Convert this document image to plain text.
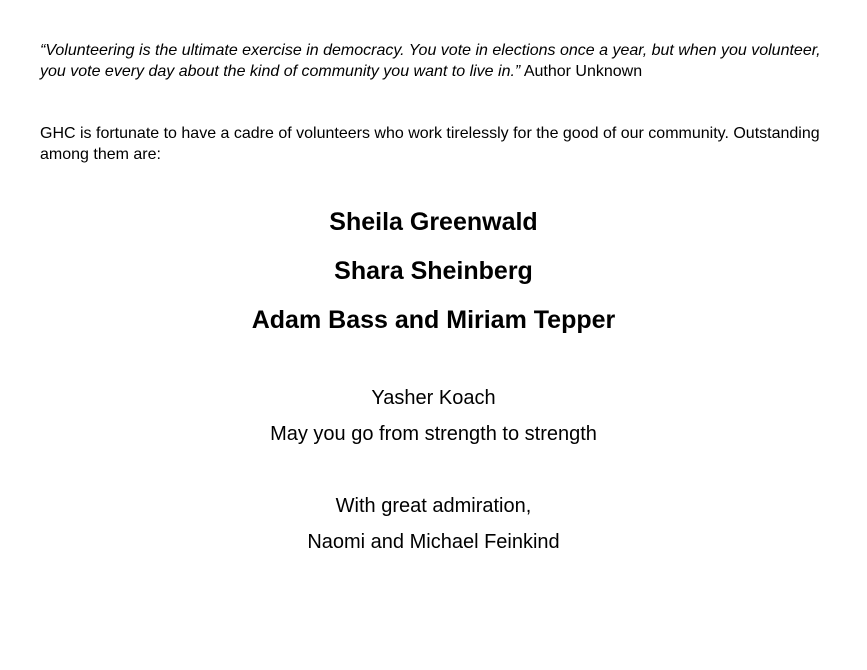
“Volunteering is the ultimate exercise in democracy. You vote in elections once a year, but when you volunteer, you vote every day about the kind of community you want to live in.” Author Unknown
GHC is fortunate to have a cadre of volunteers who work tirelessly for the good of our community. Outstanding among them are:
Sheila Greenwald
Shara Sheinberg
Adam Bass and Miriam Tepper
Yasher Koach
May you go from strength to strength
With great admiration,
Naomi and Michael Feinkind
